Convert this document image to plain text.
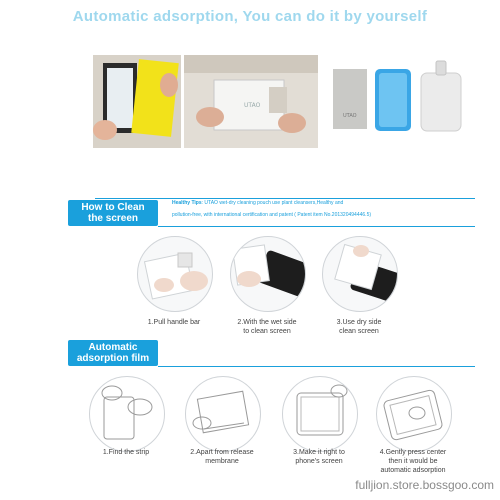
Automatic adsorption, You can do it by yourself
UTAO
UTAO
How to Clean
the screen
Healthy Tips: UTAO wet-dry cleaning pouch use plant cleansers,Healthy and
pollution-free, with international certification and patent ( Patent item No.201320494446.5)
1.Pull handle bar	2.With the wet side
to clean screen
3.Use dry side
clean screen
Automatic
adsorption film
1.Find the strip	2.Apart from release
membrane
3.Make it right to
phone's screen
4.Gently press center
then it would be
automatic adsorption
fulljion.store.bossgoo.com
